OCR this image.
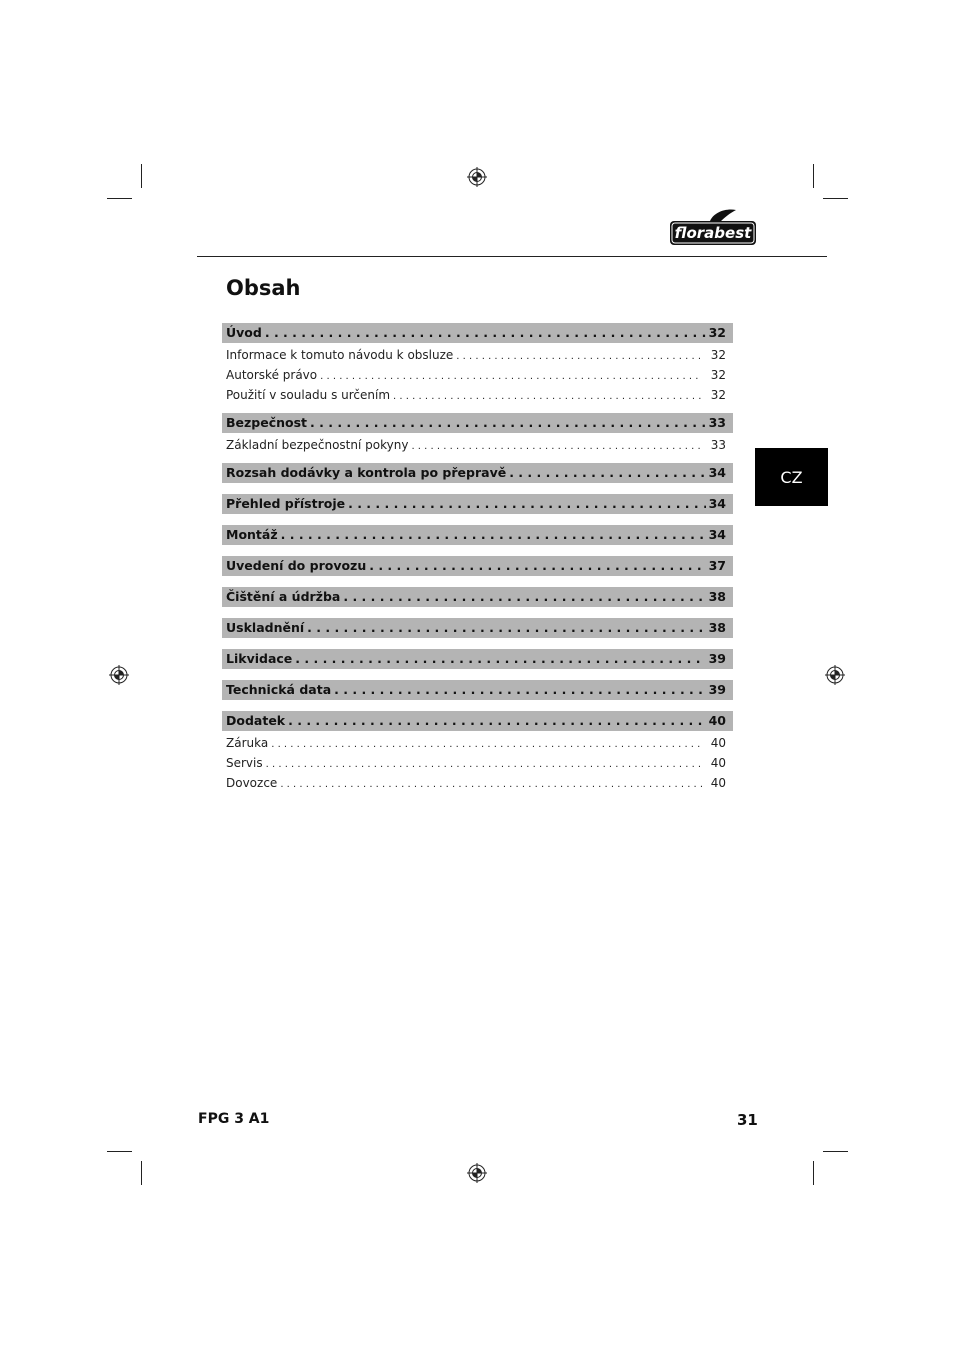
florabest
Obsah
CZ
Úvod . . .	32
Informace k tomuto návodu k obsluze . . .	32
Autorské právo . . .	32
Použití v souladu s určením . . .	32
Bezpečnost . . .	33
Základní bezpečnostní pokyny . . .	33
Rozsah dodávky a kontrola po přepravě . . .	34
Přehled přístroje . . .	34
Montáž . . .	34
Uvedení do provozu . . .	37
Čištění a údržba . . .	38
Uskladnění . . .	38
Likvidace . . .	39
Technická data . . .	39
Dodatek . . .	40
Záruka . . .	40
Servis . . .	40
Dovozce . . .	40
FPG 3 A1	31
